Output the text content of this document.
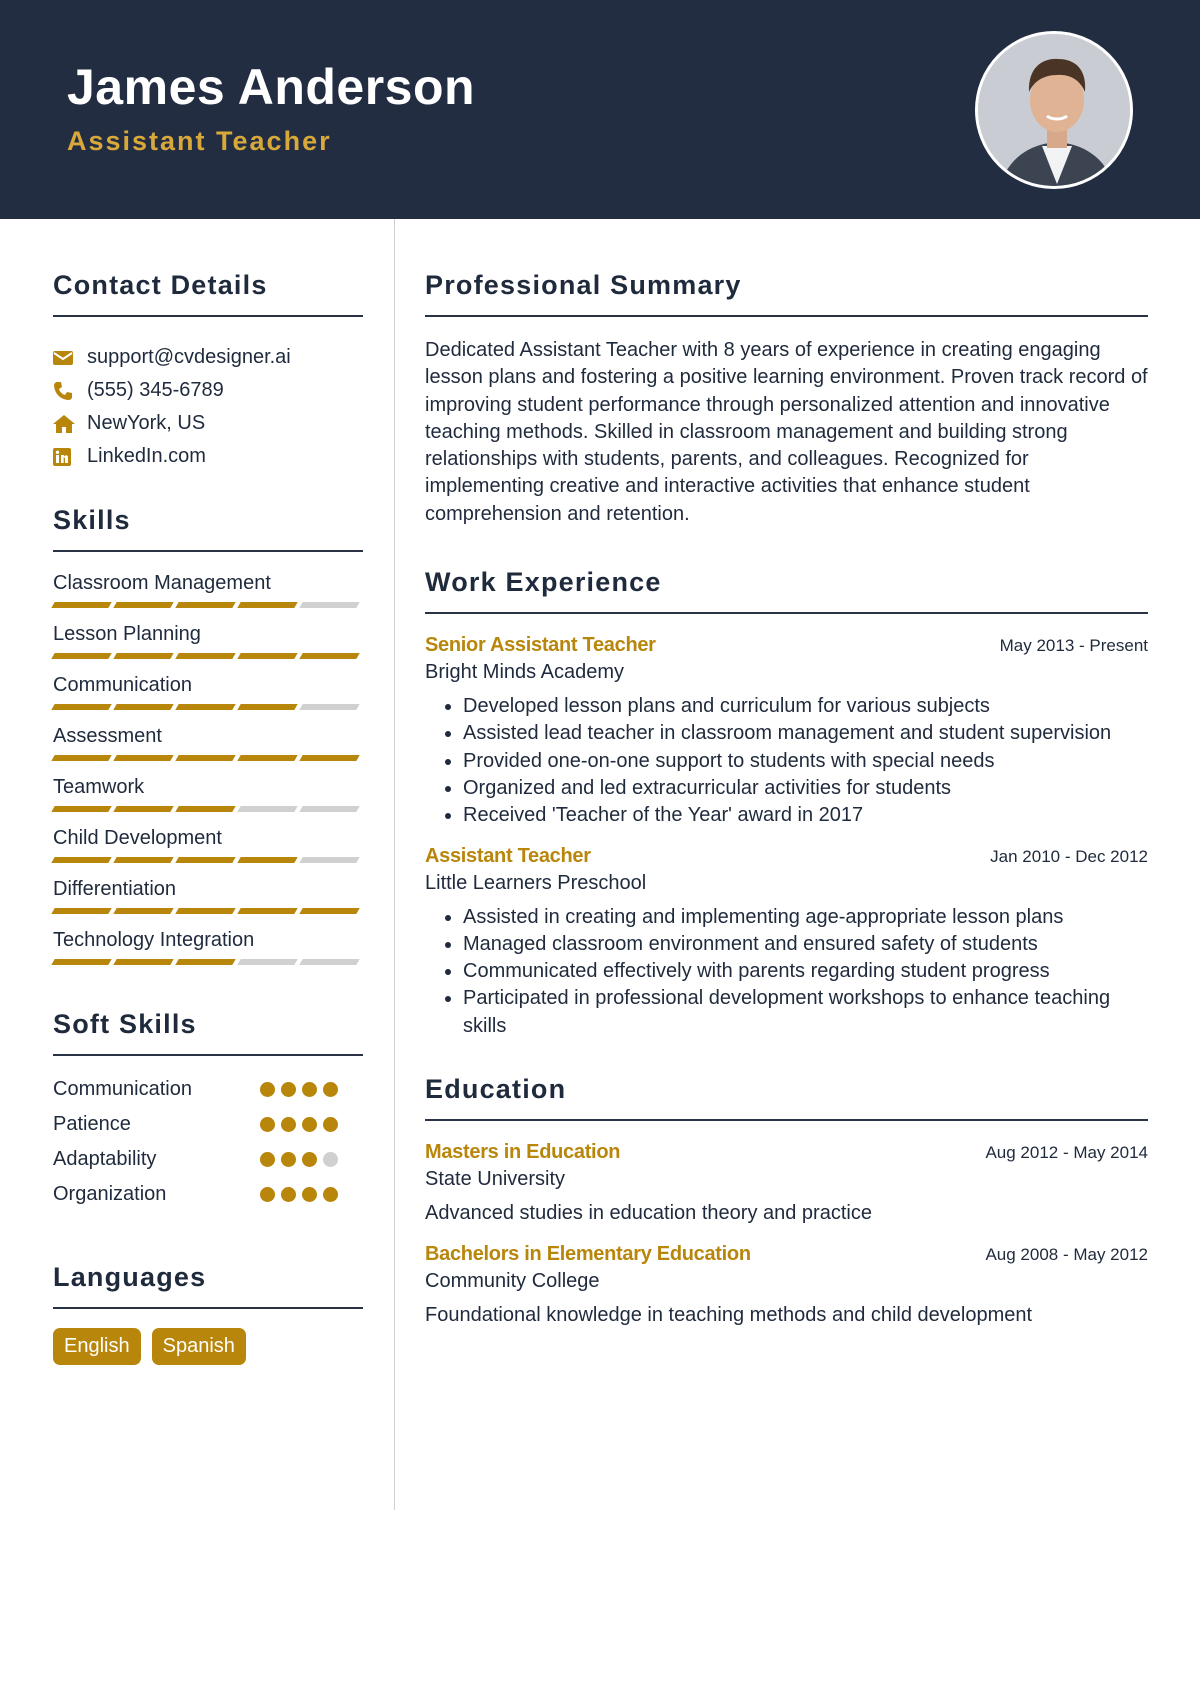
James Anderson
Assistant Teacher
Contact Details
support@cvdesigner.ai
(555) 345-6789
NewYork, US
LinkedIn.com
Skills
Classroom Management
Lesson Planning
Communication
Assessment
Teamwork
Child Development
Differentiation
Technology Integration
Soft Skills
Communication
Patience
Adaptability
Organization
Languages
English	Spanish
Professional Summary
Dedicated Assistant Teacher with 8 years of experience in creating engaging lesson plans and fostering a positive learning environment. Proven track record of improving student performance through personalized attention and innovative teaching methods. Skilled in classroom management and building strong relationships with students, parents, and colleagues. Recognized for implementing creative and interactive activities that enhance student comprehension and retention.
Work Experience
Senior Assistant Teacher	May 2013 - Present
Bright Minds Academy
• Developed lesson plans and curriculum for various subjects
• Assisted lead teacher in classroom management and student supervision
• Provided one-on-one support to students with special needs
• Organized and led extracurricular activities for students
• Received 'Teacher of the Year' award in 2017
Assistant Teacher	Jan 2010 - Dec 2012
Little Learners Preschool
• Assisted in creating and implementing age-appropriate lesson plans
• Managed classroom environment and ensured safety of students
• Communicated effectively with parents regarding student progress
• Participated in professional development workshops to enhance teaching skills
Education
Masters in Education	Aug 2012 - May 2014
State University
Advanced studies in education theory and practice
Bachelors in Elementary Education	Aug 2008 - May 2012
Community College
Foundational knowledge in teaching methods and child development
